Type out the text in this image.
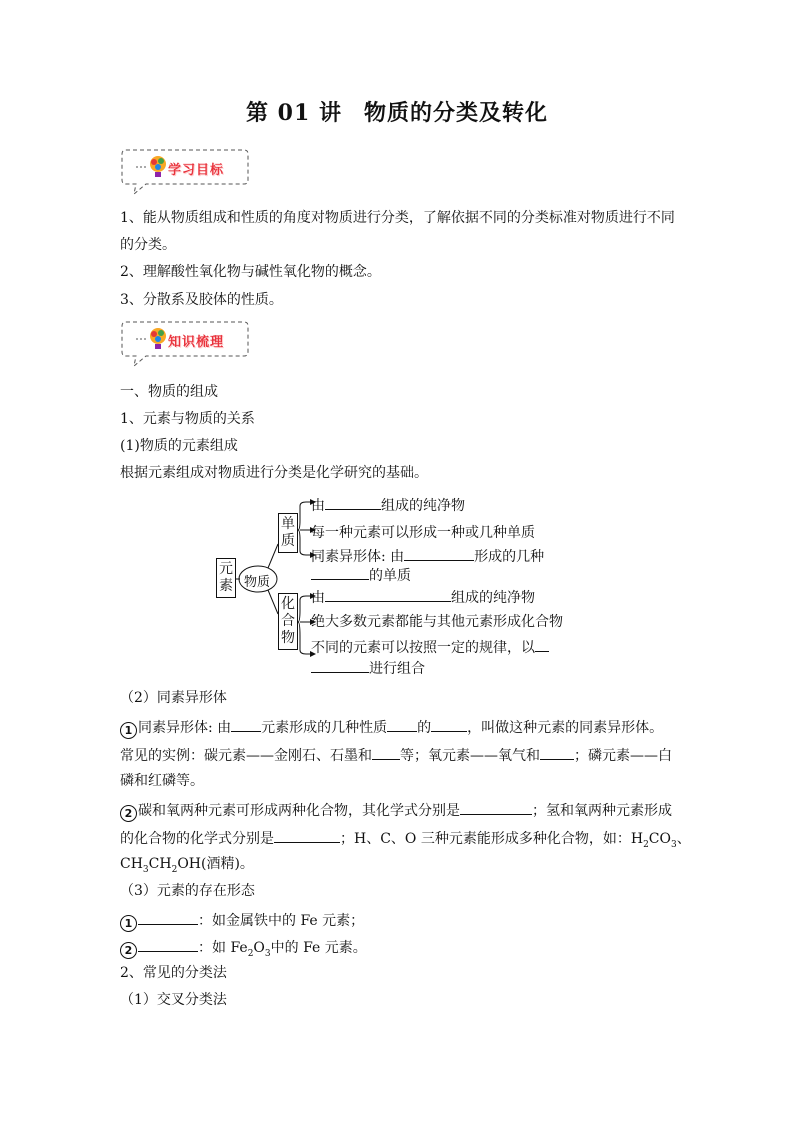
第 01 讲 物质的分类及转化
学习目标
1、能从物质组成和性质的角度对物质进行分类，了解依据不同的分类标准对物质进行不同
的分类。
2、理解酸性氧化物与碱性氧化物的概念。
3、分散系及胶体的性质。
知识梳理
一、物质的组成
1、元素与物质的关系
(1)物质的元素组成
根据元素组成对物质进行分类是化学研究的基础。
元素 物质
单质
化合物
由	组成的纯净物
每一种元素可以形成一种或几种单质
同素异形体: 由	形成的几种
的单质
由	组成的纯净物
绝大多数元素都能与其他元素形成化合物
不同的元素可以按照一定的规律，以
进行组合
（2）同素异形体
1 同素异形体: 由 元素形成的几种性质 的	，叫做这种元素的同素异形体。
常见的实例：碳元素——金刚石、石墨和 等；氧元素——氧气和 ；磷元素——白
磷和红磷等。
2 碳和氧两种元素可形成两种化合物，其化学式分别是	；氢和氧两种元素形成
的化合物的化学式分别是	；H、C、O 三种元素能形成多种化合物，如：$H_2CO_3$、
$CH_3CH_2OH$(酒精)。
（3）元素的存在形态
1	：如金属铁中的 Fe 元素；
2	：如 $Fe_2O_3$中的 Fe 元素。
2、常见的分类法
（1）交叉分类法
